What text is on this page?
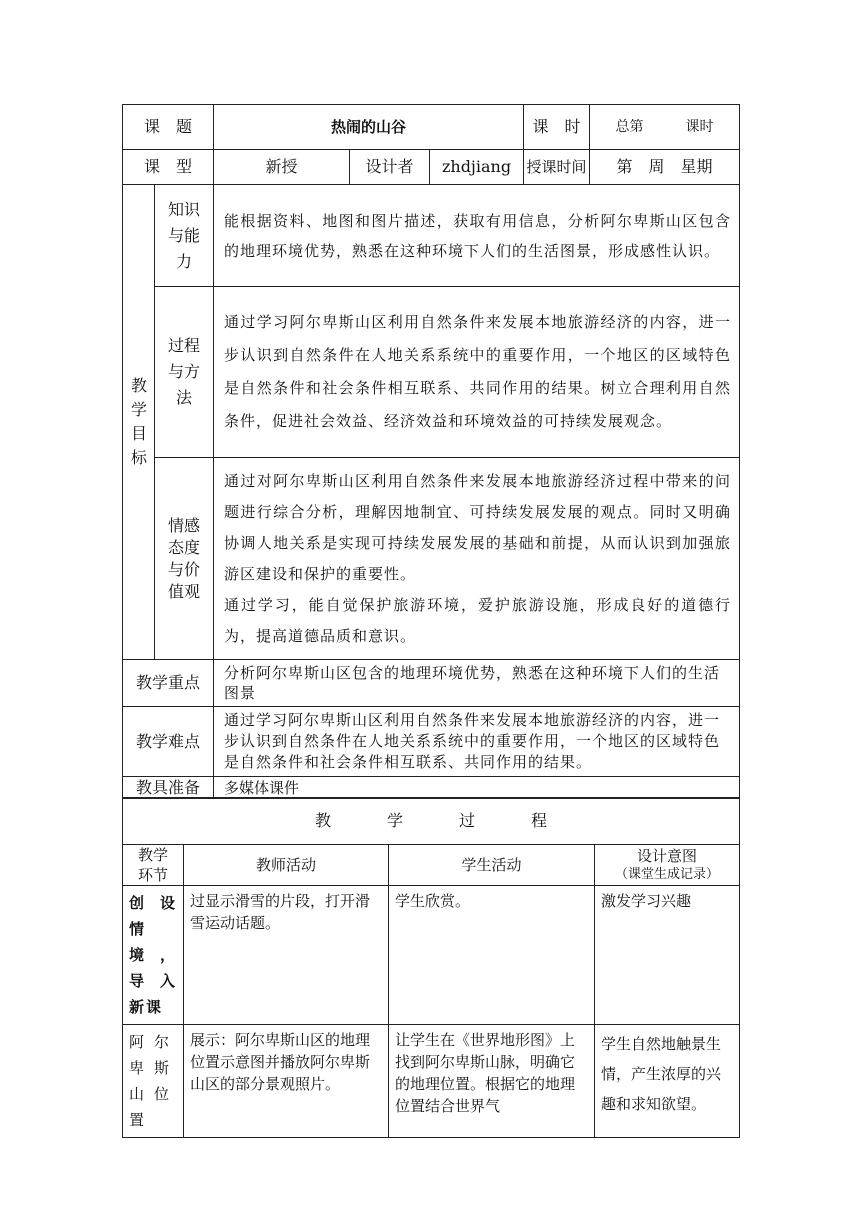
课　题		热闹的山谷			课　时	总第　　　课时
课　型		新授	设计者	zhdjiang	授课时间	第　周　星期

教学目标	知识与能力	能根据资料、地图和图片描述，获取有用信息，分析阿尔卑斯山区包含的地理环境优势，熟悉在这种环境下人们的生活图景，形成感性认识。				

	过程与方法	通过学习阿尔卑斯山区利用自然条件来发展本地旅游经济的内容，进一步认识到自然条件在人地关系系统中的重要作用，一个地区的区域特色是自然条件和社会条件相互联系、共同作用的结果。树立合理利用自然条件，促进社会效益、经济效益和环境效益的可持续发展观念。				

	情感态度与价值观	通过对阿尔卑斯山区利用自然条件来发展本地旅游经济过程中带来的问题进行综合分析，理解因地制宜、可持续发展发展的观点。同时又明确协调人地关系是实现可持续发展发展的基础和前提，从而认识到加强旅游区建设和保护的重要性。
通过学习，能自觉保护旅游环境，爱护旅游设施，形成良好的道德行为，提高道德品质和意识。				

教学重点		分析阿尔卑斯山区包含的地理环境优势，熟悉在这种环境下人们的生活图景				
教学难点		通过学习阿尔卑斯山区利用自然条件来发展本地旅游经济的内容，进一步认识到自然条件在人地关系系统中的重要作用，一个地区的区域特色是自然条件和社会条件相互联系、共同作用的结果。				
教具准备		多媒体课件				
教 学 过 程			

教学环节	教师活动	学生活动	设计意图
（课堂生成记录）

创设情境，导入新课	过显示滑雪的片段，打开滑雪运动话题。	学生欣赏。	激发学习兴趣
阿尔卑斯山位置	展示：阿尔卑斯山区的地理位置示意图并播放阿尔卑斯山区的部分景观照片。	让学生在《世界地形图》上找到阿尔卑斯山脉，明确它的地理位置。根据它的地理位置结合世界气	学生自然地触景生情，产生浓厚的兴趣和求知欲望。
